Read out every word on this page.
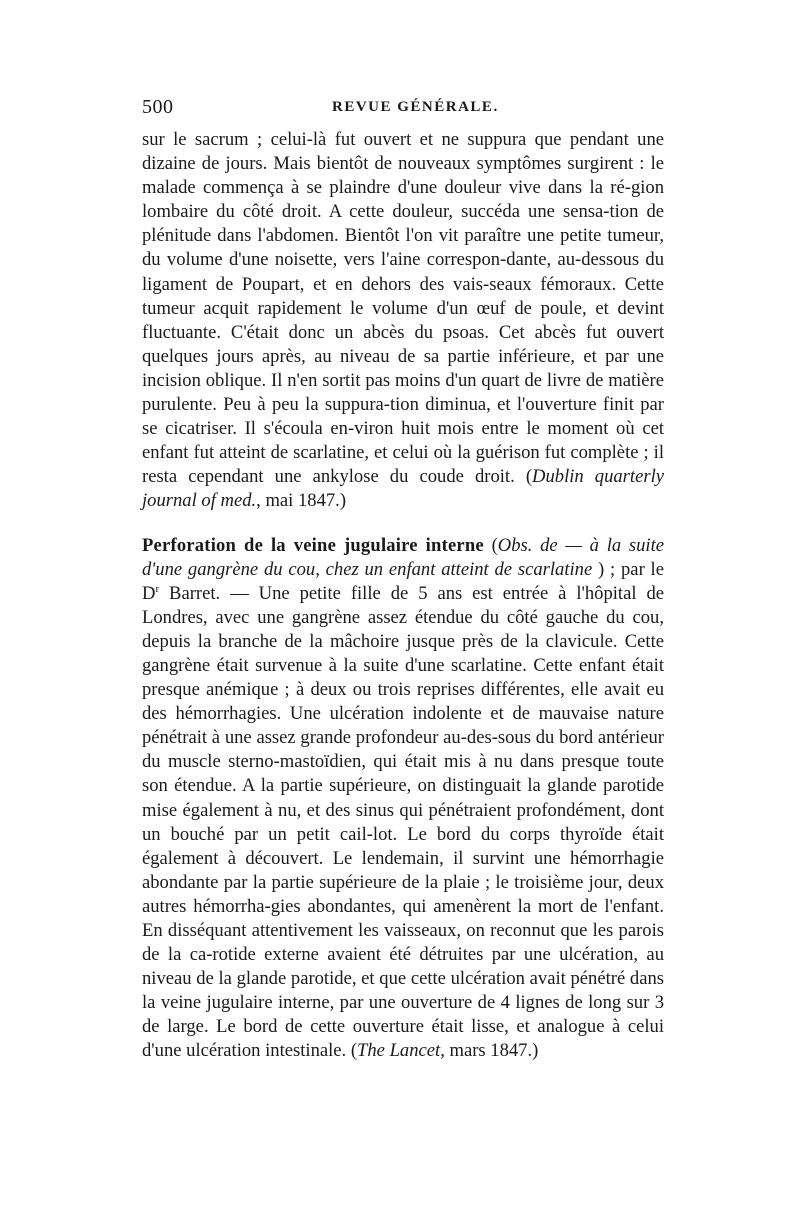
500	REVUE GÉNÉRALE.

sur le sacrum ; celui-là fut ouvert et ne suppura que pendant une dizaine de jours. Mais bientôt de nouveaux symptômes surgirent : le malade commença à se plaindre d'une douleur vive dans la ré-gion lombaire du côté droit. A cette douleur, succéda une sensa-tion de plénitude dans l'abdomen. Bientôt l'on vit paraître une petite tumeur, du volume d'une noisette, vers l'aine correspon-dante, au-dessous du ligament de Poupart, et en dehors des vais-seaux fémoraux. Cette tumeur acquit rapidement le volume d'un œuf de poule, et devint fluctuante. C'était donc un abcès du psoas. Cet abcès fut ouvert quelques jours après, au niveau de sa partie inférieure, et par une incision oblique. Il n'en sortit pas moins d'un quart de livre de matière purulente. Peu à peu la suppura-tion diminua, et l'ouverture finit par se cicatriser. Il s'écoula en-viron huit mois entre le moment où cet enfant fut atteint de scarlatine, et celui où la guérison fut complète ; il resta cependant une ankylose du coude droit. (Dublin quarterly journal of med., mai 1847.)

Perforation de la veine jugulaire interne (Obs. de — à la suite d'une gangrène du cou, chez un enfant atteint de scarlatine ) ; par le $D^r$ Barret. — Une petite fille de 5 ans est entrée à l'hôpital de Londres, avec une gangrène assez étendue du côté gauche du cou, depuis la branche de la mâchoire jusque près de la clavicule. Cette gangrène était survenue à la suite d'une scarlatine. Cette enfant était presque anémique ; à deux ou trois reprises différentes, elle avait eu des hémorrhagies. Une ulcération indolente et de mauvaise nature pénétrait à une assez grande profondeur au-des-sous du bord antérieur du muscle sterno-mastoïdien, qui était mis à nu dans presque toute son étendue. A la partie supérieure, on distinguait la glande parotide mise également à nu, et des sinus qui pénétraient profondément, dont un bouché par un petit cail-lot. Le bord du corps thyroïde était également à découvert. Le lendemain, il survint une hémorrhagie abondante par la partie supérieure de la plaie ; le troisième jour, deux autres hémorrha-gies abondantes, qui amenèrent la mort de l'enfant. En disséquant attentivement les vaisseaux, on reconnut que les parois de la ca-rotide externe avaient été détruites par une ulcération, au niveau de la glande parotide, et que cette ulcération avait pénétré dans la veine jugulaire interne, par une ouverture de 4 lignes de long sur 3 de large. Le bord de cette ouverture était lisse, et analogue à celui d'une ulcération intestinale. (The Lancet, mars 1847.)
